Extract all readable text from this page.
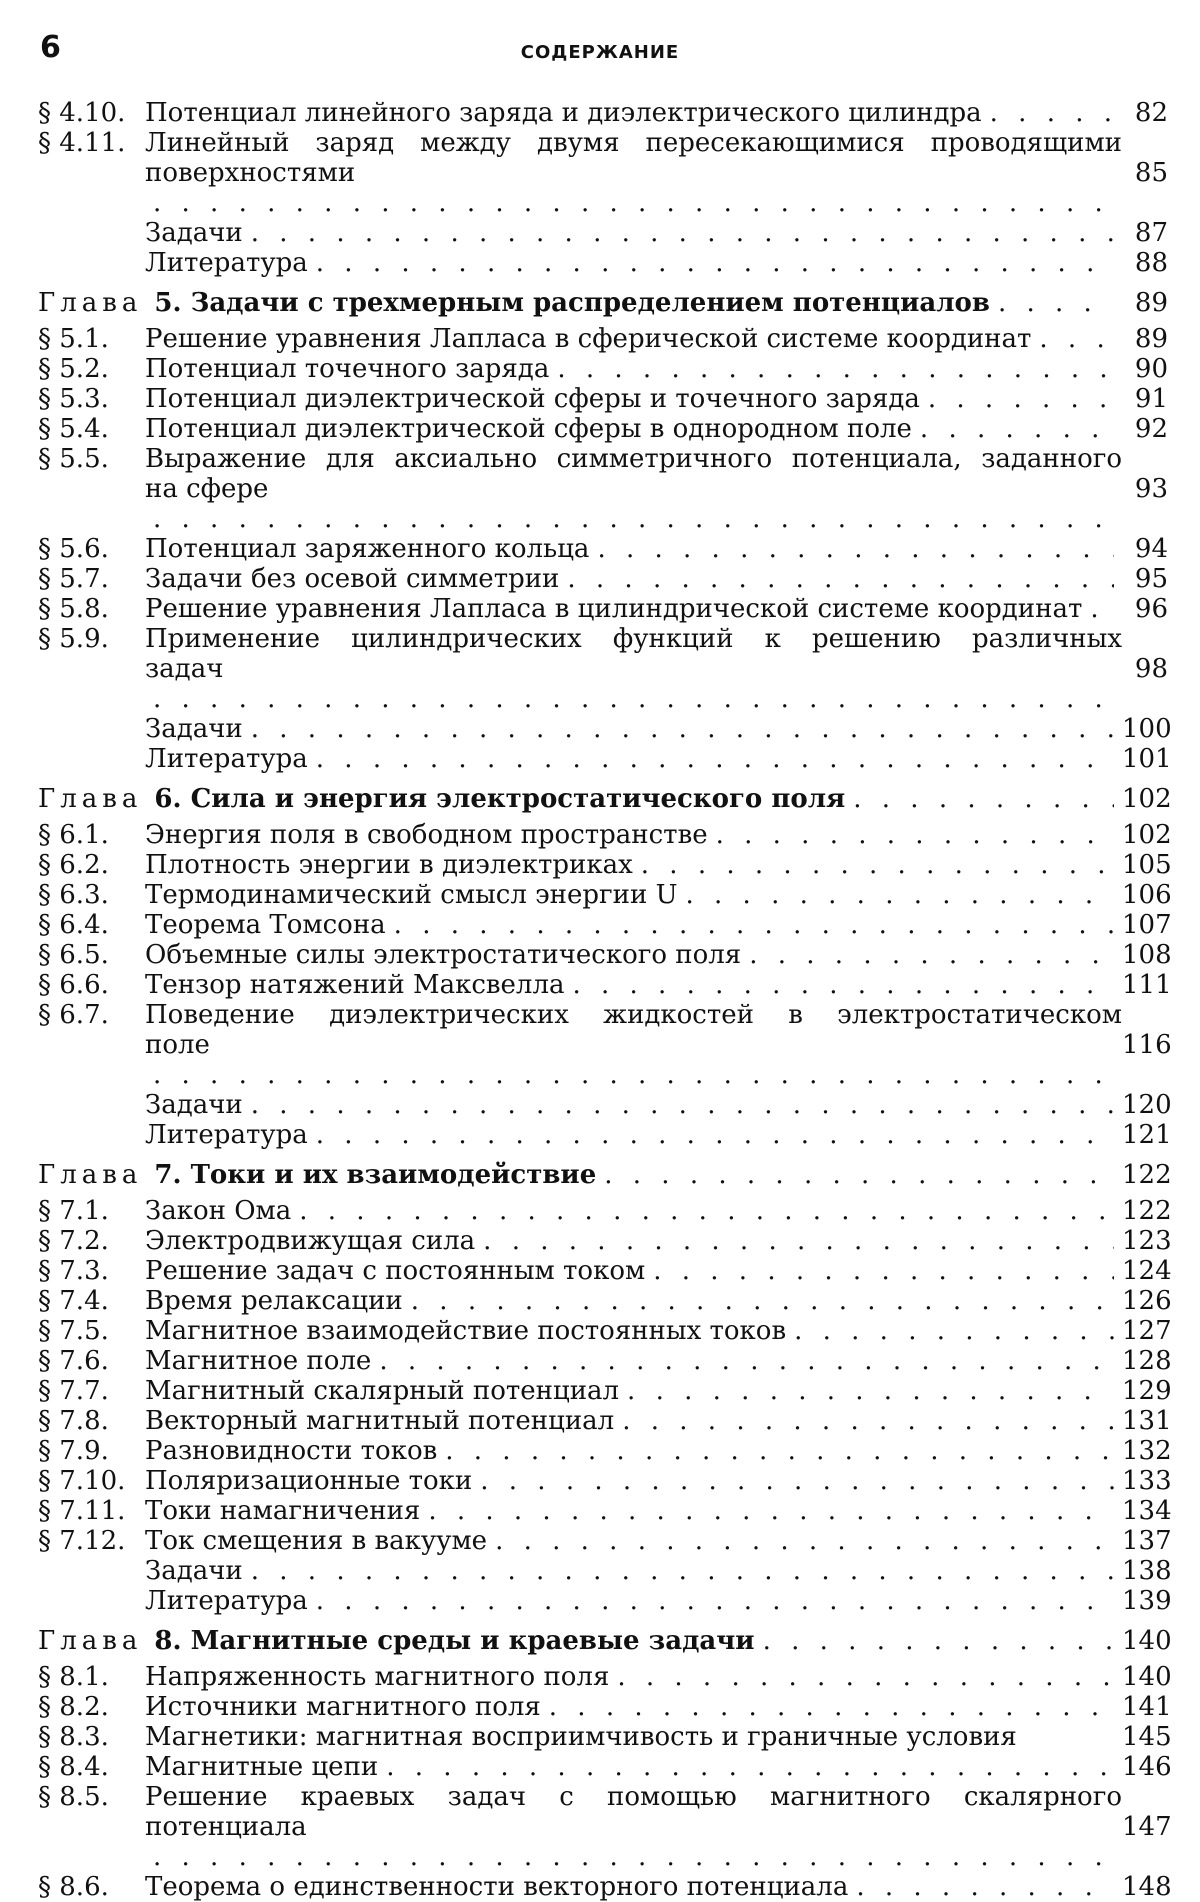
6	СОДЕРЖАНИЕ
§ 4.10. Потенциал линейного заряда и диэлектрического цилиндра . . .	82
§ 4.11. Линейный заряд между двумя пересекающимися проводящими
поверхностями
. . .	85
Задачи . . .	87
Литература . . .	88
Глава 5. Задачи с трехмерным распределением потенциалов . . .	89
§ 5.1.	Решение уравнения Лапласа в сферической системе координат . . .	89
§ 5.2.	Потенциал точечного заряда . . .	90
§ 5.3.	Потенциал диэлектрической сферы и точечного заряда . . .	91
§ 5.4.	Потенциал диэлектрической сферы в однородном поле . . .	92
§ 5.5.	Выражение для аксиально симметричного потенциала, заданного
на сфере
. . .	93
§ 5.6.	Потенциал заряженного кольца . . .	94
§ 5.7.	Задачи без осевой симметрии . . .	95
§ 5.8.	Решение уравнения Лапласа в цилиндрической системе координат . . .	96
§ 5.9.	Применение цилиндрических функций к решению различных
задач
. . .	98
Задачи . . .	100
Литература . . .	101
Глава 6. Сила и энергия электростатического поля . . .	102
§ 6.1.	Энергия поля в свободном пространстве . . .	102
§ 6.2.	Плотность энергии в диэлектриках . . .	105
§ 6.3.	Термодинамический смысл энергии U . . .	106
§ 6.4.	Теорема Томсона . . .	107
§ 6.5.	Объемные силы электростатического поля . . .	108
§ 6.6.	Тензор натяжений Максвелла . . .	111
§ 6.7.	Поведение диэлектрических жидкостей в электростатическом
поле
. . .	116
Задачи . . .	120
Литература . . .	121
Глава 7. Токи и их взаимодействие . . .	122
§ 7.1.	Закон Ома . . .	122
§ 7.2.	Электродвижущая сила . . .	123
§ 7.3.	Решение задач с постоянным током . . .	124
§ 7.4.	Время релаксации . . .	126
§ 7.5.	Магнитное взаимодействие постоянных токов . . .	127
§ 7.6.	Магнитное поле . . .	128
§ 7.7.	Магнитный скалярный потенциал . . .	129
§ 7.8.	Векторный магнитный потенциал . . .	131
§ 7.9.	Разновидности токов . . .	132
§ 7.10. Поляризационные токи . . .	133
§ 7.11. Токи намагничения . . .	134
§ 7.12. Ток смещения в вакууме . . .	137
Задачи . . .	138
Литература . . .	139
Глава 8. Магнитные среды и краевые задачи . . .	140
§ 8.1.	Напряженность магнитного поля . . .	140
§ 8.2.	Источники магнитного поля . . .	141
§ 8.3.	Магнетики: магнитная восприимчивость и граничные условия	145
§ 8.4.	Магнитные цепи . . .	146
§ 8.5.	Решение краевых задач с помощью магнитного скалярного
потенциала
. . .	147
§ 8.6.	Теорема о единственности векторного потенциала . . .	148
